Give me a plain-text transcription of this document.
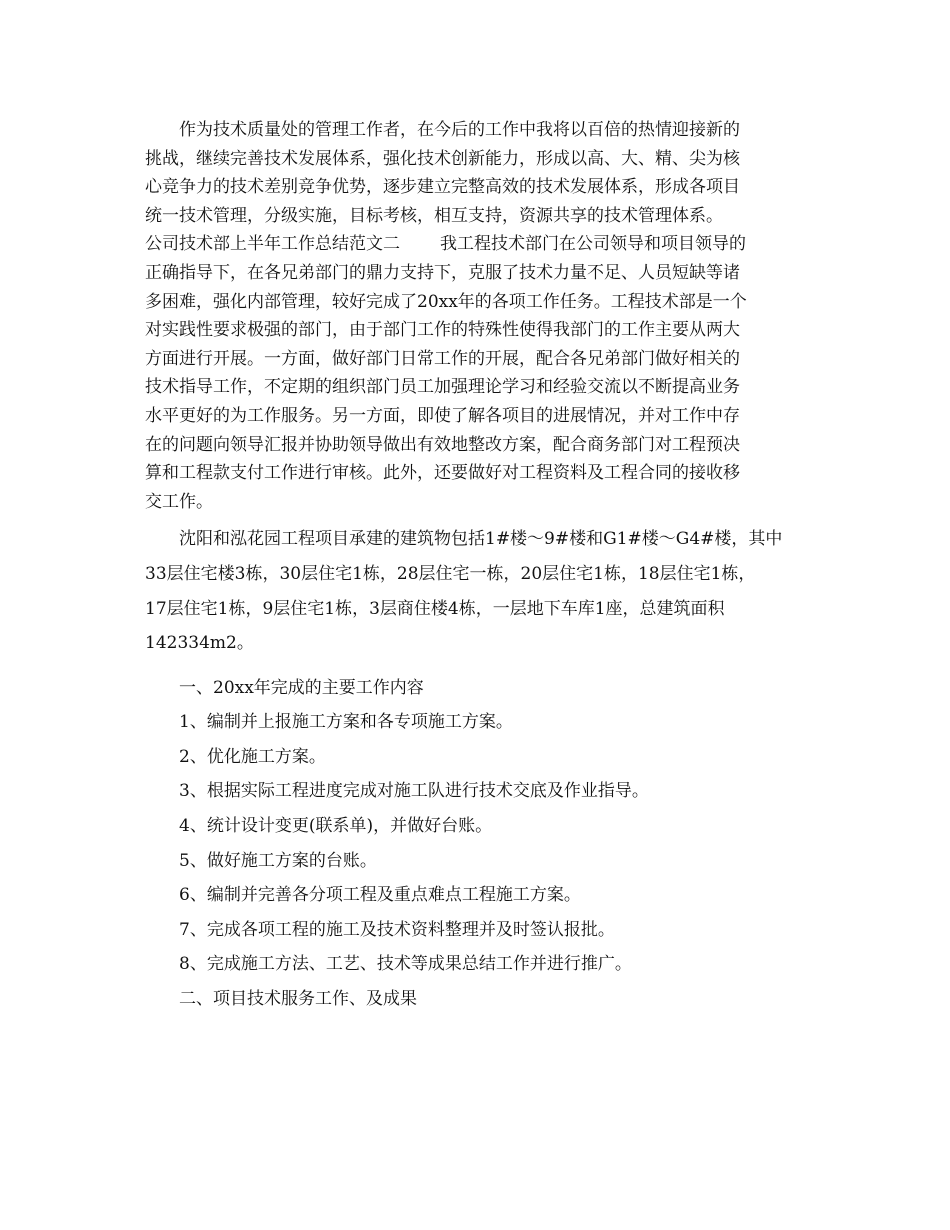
作为技术质量处的管理工作者，在今后的工作中我将以百倍的热情迎接新的

挑战，继续完善技术发展体系，强化技术创新能力，形成以高、大、精、尖为核

心竞争力的技术差别竞争优势，逐步建立完整高效的技术发展体系，形成各项目

统一技术管理，分级实施，目标考核，相互支持，资源共享的技术管理体系。

公司技术部上半年工作总结范文二 我工程技术部门在公司领导和项目领导的

正确指导下，在各兄弟部门的鼎力支持下，克服了技术力量不足、人员短缺等诸

多困难，强化内部管理，较好完成了20xx年的各项工作任务。工程技术部是一个

对实践性要求极强的部门，由于部门工作的特殊性使得我部门的工作主要从两大

方面进行开展。一方面，做好部门日常工作的开展，配合各兄弟部门做好相关的

技术指导工作，不定期的组织部门员工加强理论学习和经验交流以不断提高业务

水平更好的为工作服务。另一方面，即使了解各项目的进展情况，并对工作中存

在的问题向领导汇报并协助领导做出有效地整改方案，配合商务部门对工程预决

算和工程款支付工作进行审核。此外，还要做好对工程资料及工程合同的接收移

交工作。

沈阳和泓花园工程项目承建的建筑物包括1#楼～9#楼和G1#楼～G4#楼，其中

33层住宅楼3栋，30层住宅1栋，28层住宅一栋，20层住宅1栋，18层住宅1栋，

17层住宅1栋，9层住宅1栋，3层商住楼4栋，一层地下车库1座，总建筑面积

142334m2。

一、20xx年完成的主要工作内容

1、编制并上报施工方案和各专项施工方案。

2、优化施工方案。

3、根据实际工程进度完成对施工队进行技术交底及作业指导。

4、统计设计变更(联系单)，并做好台账。

5、做好施工方案的台账。

6、编制并完善各分项工程及重点难点工程施工方案。

7、完成各项工程的施工及技术资料整理并及时签认报批。

8、完成施工方法、工艺、技术等成果总结工作并进行推广。

二、项目技术服务工作、及成果
